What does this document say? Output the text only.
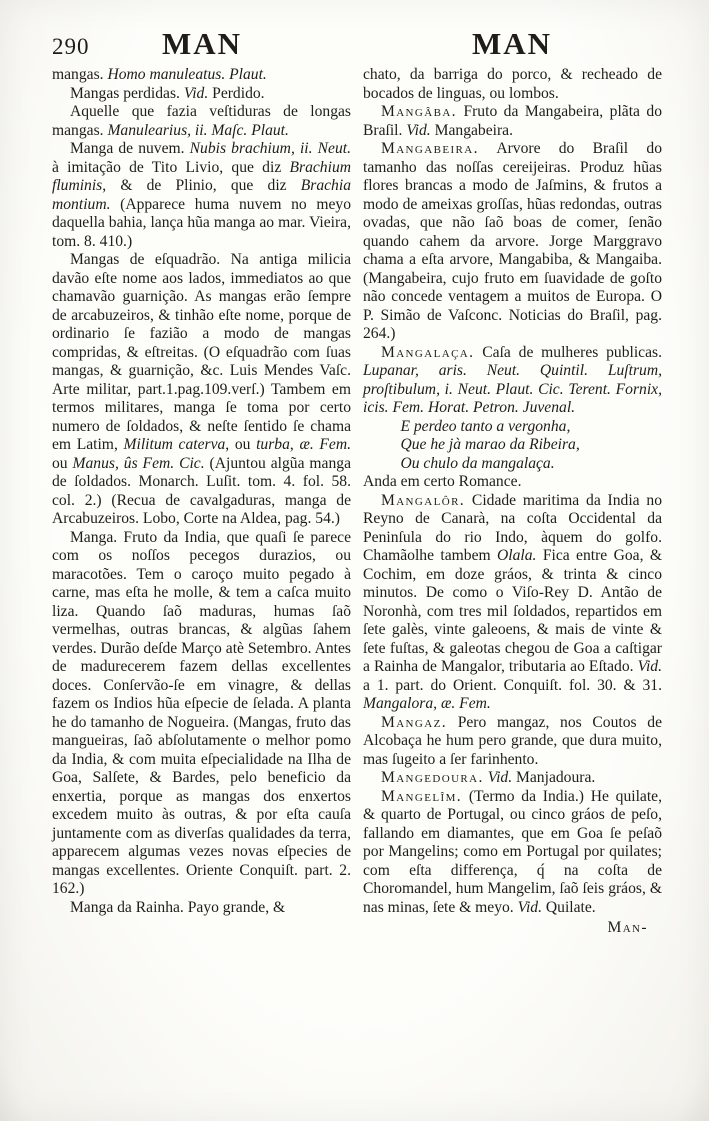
290	MAN	MAN

mangas. Homo manuleatus. Plaut.

Mangas perdidas. Vid. Perdido.

Aquelle que fazia veſtiduras de longas mangas. Manulearius, ii. Maſc. Plaut.

Manga de nuvem. Nubis brachium, ii. Neut. à imitação de Tito Livio, que diz Brachium fluminis, & de Plinio, que diz Brachia montium. (Apparece huma nuvem no meyo daquella bahia, lança hũa manga ao mar. Vieira, tom. 8. 410.)

Mangas de eſquadrão. Na antiga milicia davão eſte nome aos lados, immediatos ao que chamavão guarnição. As mangas erão ſempre de arcabuzeiros, & tinhão eſte nome, porque de ordinario ſe fazião a modo de mangas compridas, & eſtreitas. (O eſquadrão com ſuas mangas, & guarnição, &c. Luis Mendes Vaſc. Arte militar, part.1.pag.109.verſ.) Tambem em termos militares, manga ſe toma por certo numero de ſoldados, & neſte ſentido ſe chama em Latim, Militum caterva, ou turba, æ. Fem. ou Manus, ûs Fem. Cic. (Ajuntou algũa manga de ſoldados. Monarch. Luſit. tom. 4. fol. 58. col. 2.) (Recua de cavalgaduras, manga de Arcabuzeiros. Lobo, Corte na Aldea, pag. 54.)

Manga. Fruto da India, que quaſi ſe parece com os noſſos pecegos durazios, ou maracotões. Tem o caroço muito pegado à carne, mas eſta he molle, & tem a caſca muito liza. Quando ſaõ maduras, humas ſaõ vermelhas, outras brancas, & algũas ſahem verdes. Durão deſde Março atè Setembro. Antes de madurecerem fazem dellas excellentes doces. Conſervão-ſe em vinagre, & dellas fazem os Indios hũa eſpecie de ſelada. A planta he do tamanho de Nogueira. (Mangas, fruto das mangueiras, ſaõ abſolutamente o melhor pomo da India, & com muita eſpecialidade na Ilha de Goa, Salſete, & Bardes, pelo beneficio da enxertia, porque as mangas dos enxertos excedem muito às outras, & por eſta cauſa juntamente com as diverſas qualidades da terra, apparecem algumas vezes novas eſpecies de mangas excellentes. Oriente Conquiſt. part. 2. 162.)

Manga da Rainha. Payo grande, &

chato, da barriga do porco, & recheado de bocados de linguas, ou lombos.

Mangâba. Fruto da Mangabeira, plãta do Braſil. Vid. Mangabeira.

Mangabeira. Arvore do Braſil do tamanho das noſſas cereijeiras. Produz hũas flores brancas a modo de Jaſmins, & frutos a modo de ameixas groſſas, hũas redondas, outras ovadas, que não ſaõ boas de comer, ſenão quando cahem da arvore. Jorge Marggravo chama a eſta arvore, Mangabiba, & Mangaiba. (Mangabeira, cujo fruto em ſuavidade de goſto não concede ventagem a muitos de Europa. O P. Simão de Vaſconc. Noticias do Braſil, pag. 264.)

Mangalaça. Caſa de mulheres publicas. Lupanar, aris. Neut. Quintil. Luſtrum, proſtibulum, i. Neut. Plaut. Cic. Terent. Fornix, icis. Fem. Horat. Petron. Juvenal.

E perdeo tanto a vergonha,

Que he jà marao da Ribeira,

Ou chulo da mangalaça.

Anda em certo Romance.

Mangalôr. Cidade maritima da India no Reyno de Canarà, na coſta Occidental da Peninſula do rio Indo, àquem do golfo. Chamãolhe tambem Olala. Fica entre Goa, & Cochim, em doze gráos, & trinta & cinco minutos. De como o Viſo-Rey D. Antão de Noronhà, com tres mil ſoldados, repartidos em ſete galès, vinte galeoens, & mais de vinte & ſete fuſtas, & galeotas chegou de Goa a caſtigar a Rainha de Mangalor, tributaria ao Eſtado. Vid. a 1. part. do Orient. Conquiſt. fol. 30. & 31. Mangalora, æ. Fem.

Mangaz. Pero mangaz, nos Coutos de Alcobaça he hum pero grande, que dura muito, mas ſugeito a ſer farinhento.

Mangedoura. Vid. Manjadoura.

Mangelîm. (Termo da India.) He quilate, & quarto de Portugal, ou cinco gráos de peſo, fallando em diamantes, que em Goa ſe peſaõ por Mangelins; como em Portugal por quilates; com eſta differença, q́ na coſta de Choromandel, hum Mangelim, ſaõ ſeis gráos, & nas minas, ſete & meyo. Vid. Quilate.

Man-
